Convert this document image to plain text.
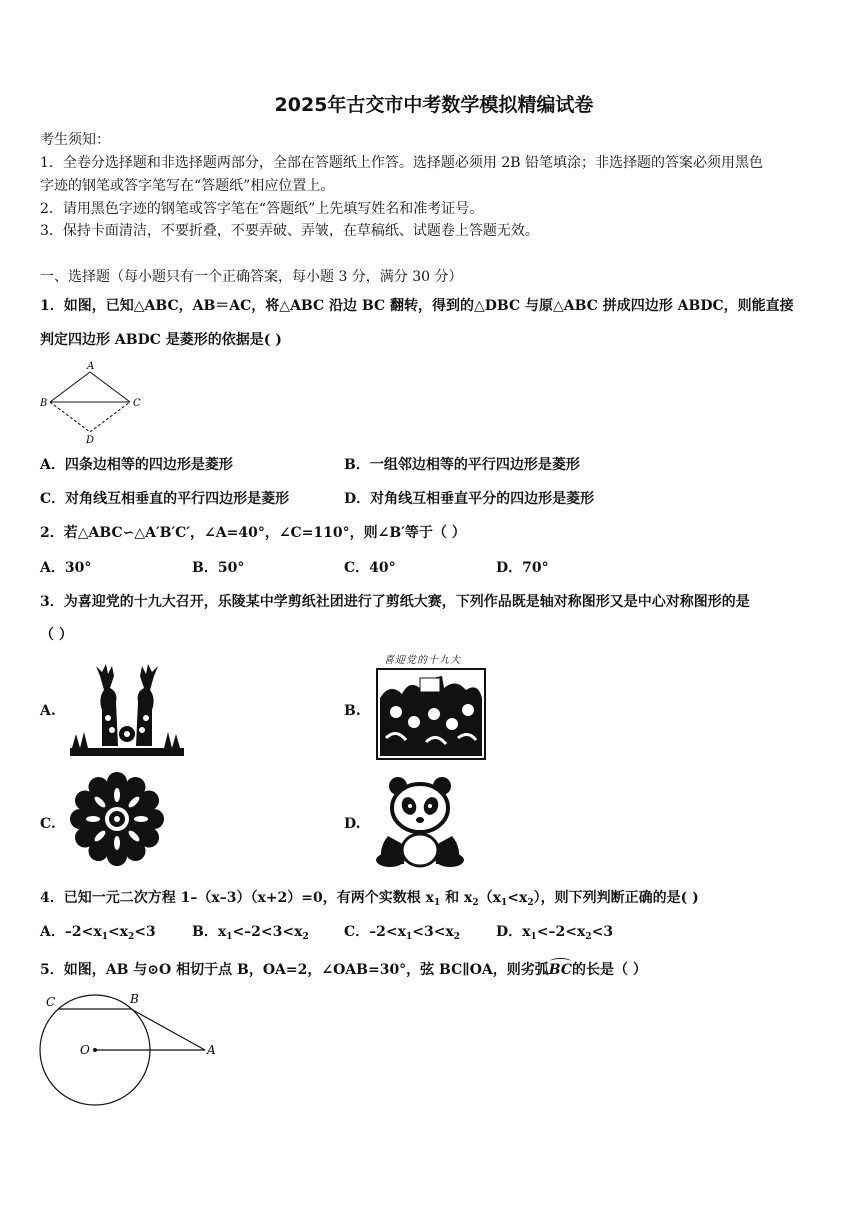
2025年古交市中考数学模拟精编试卷
考生须知：
1．全卷分选择题和非选择题两部分，全部在答题纸上作答。选择题必须用 2B 铅笔填涂；非选择题的答案必须用黑色
字迹的钢笔或答字笔写在“答题纸”相应位置上。
2．请用黑色字迹的钢笔或答字笔在“答题纸”上先填写姓名和准考证号。
3．保持卡面清洁，不要折叠，不要弄破、弄皱，在草稿纸、试题卷上答题无效。
一、选择题（每小题只有一个正确答案，每小题 3 分，满分 30 分）
1．如图，已知△ABC，AB＝AC，将△ABC 沿边 BC 翻转，得到的△DBC 与原△ABC 拼成四边形 ABDC，则能直接
判定四边形 ABDC 是菱形的依据是( )
A
B	C
D
A．四条边相等的四边形是菱形	B．一组邻边相等的平行四边形是菱形
C．对角线互相垂直的平行四边形是菱形	D．对角线互相垂直平分的四边形是菱形
2．若△ABC∽△A′B′C′，∠A=40°，∠C=110°，则∠B′等于（ ）
A．30°	B．50°	C．40°	D．70°
3．为喜迎党的十九大召开，乐陵某中学剪纸社团进行了剪纸大赛，下列作品既是轴对称图形又是中心对称图形的是
（ ）
A.	B.
喜迎党的十九大
C.	D.
4．已知一元二次方程 1–（x–3）（x+2）=0，有两个实数根 $x_1$ 和 $x_2(x_1<x_2)$，则下列判断正确的是( )
A．$-2<x_1<x_2<3$	B．$x_1<-2<3<x_2$	C．$-2<x_1<3<x_2$	D．$x_1<-2<x_2<3$
5．如图，AB 与⊙O 相切于点 B，OA=2，∠OAB=30°，弦 BC∥OA，则劣弧BC的长是（ ）
C	B
O	A
